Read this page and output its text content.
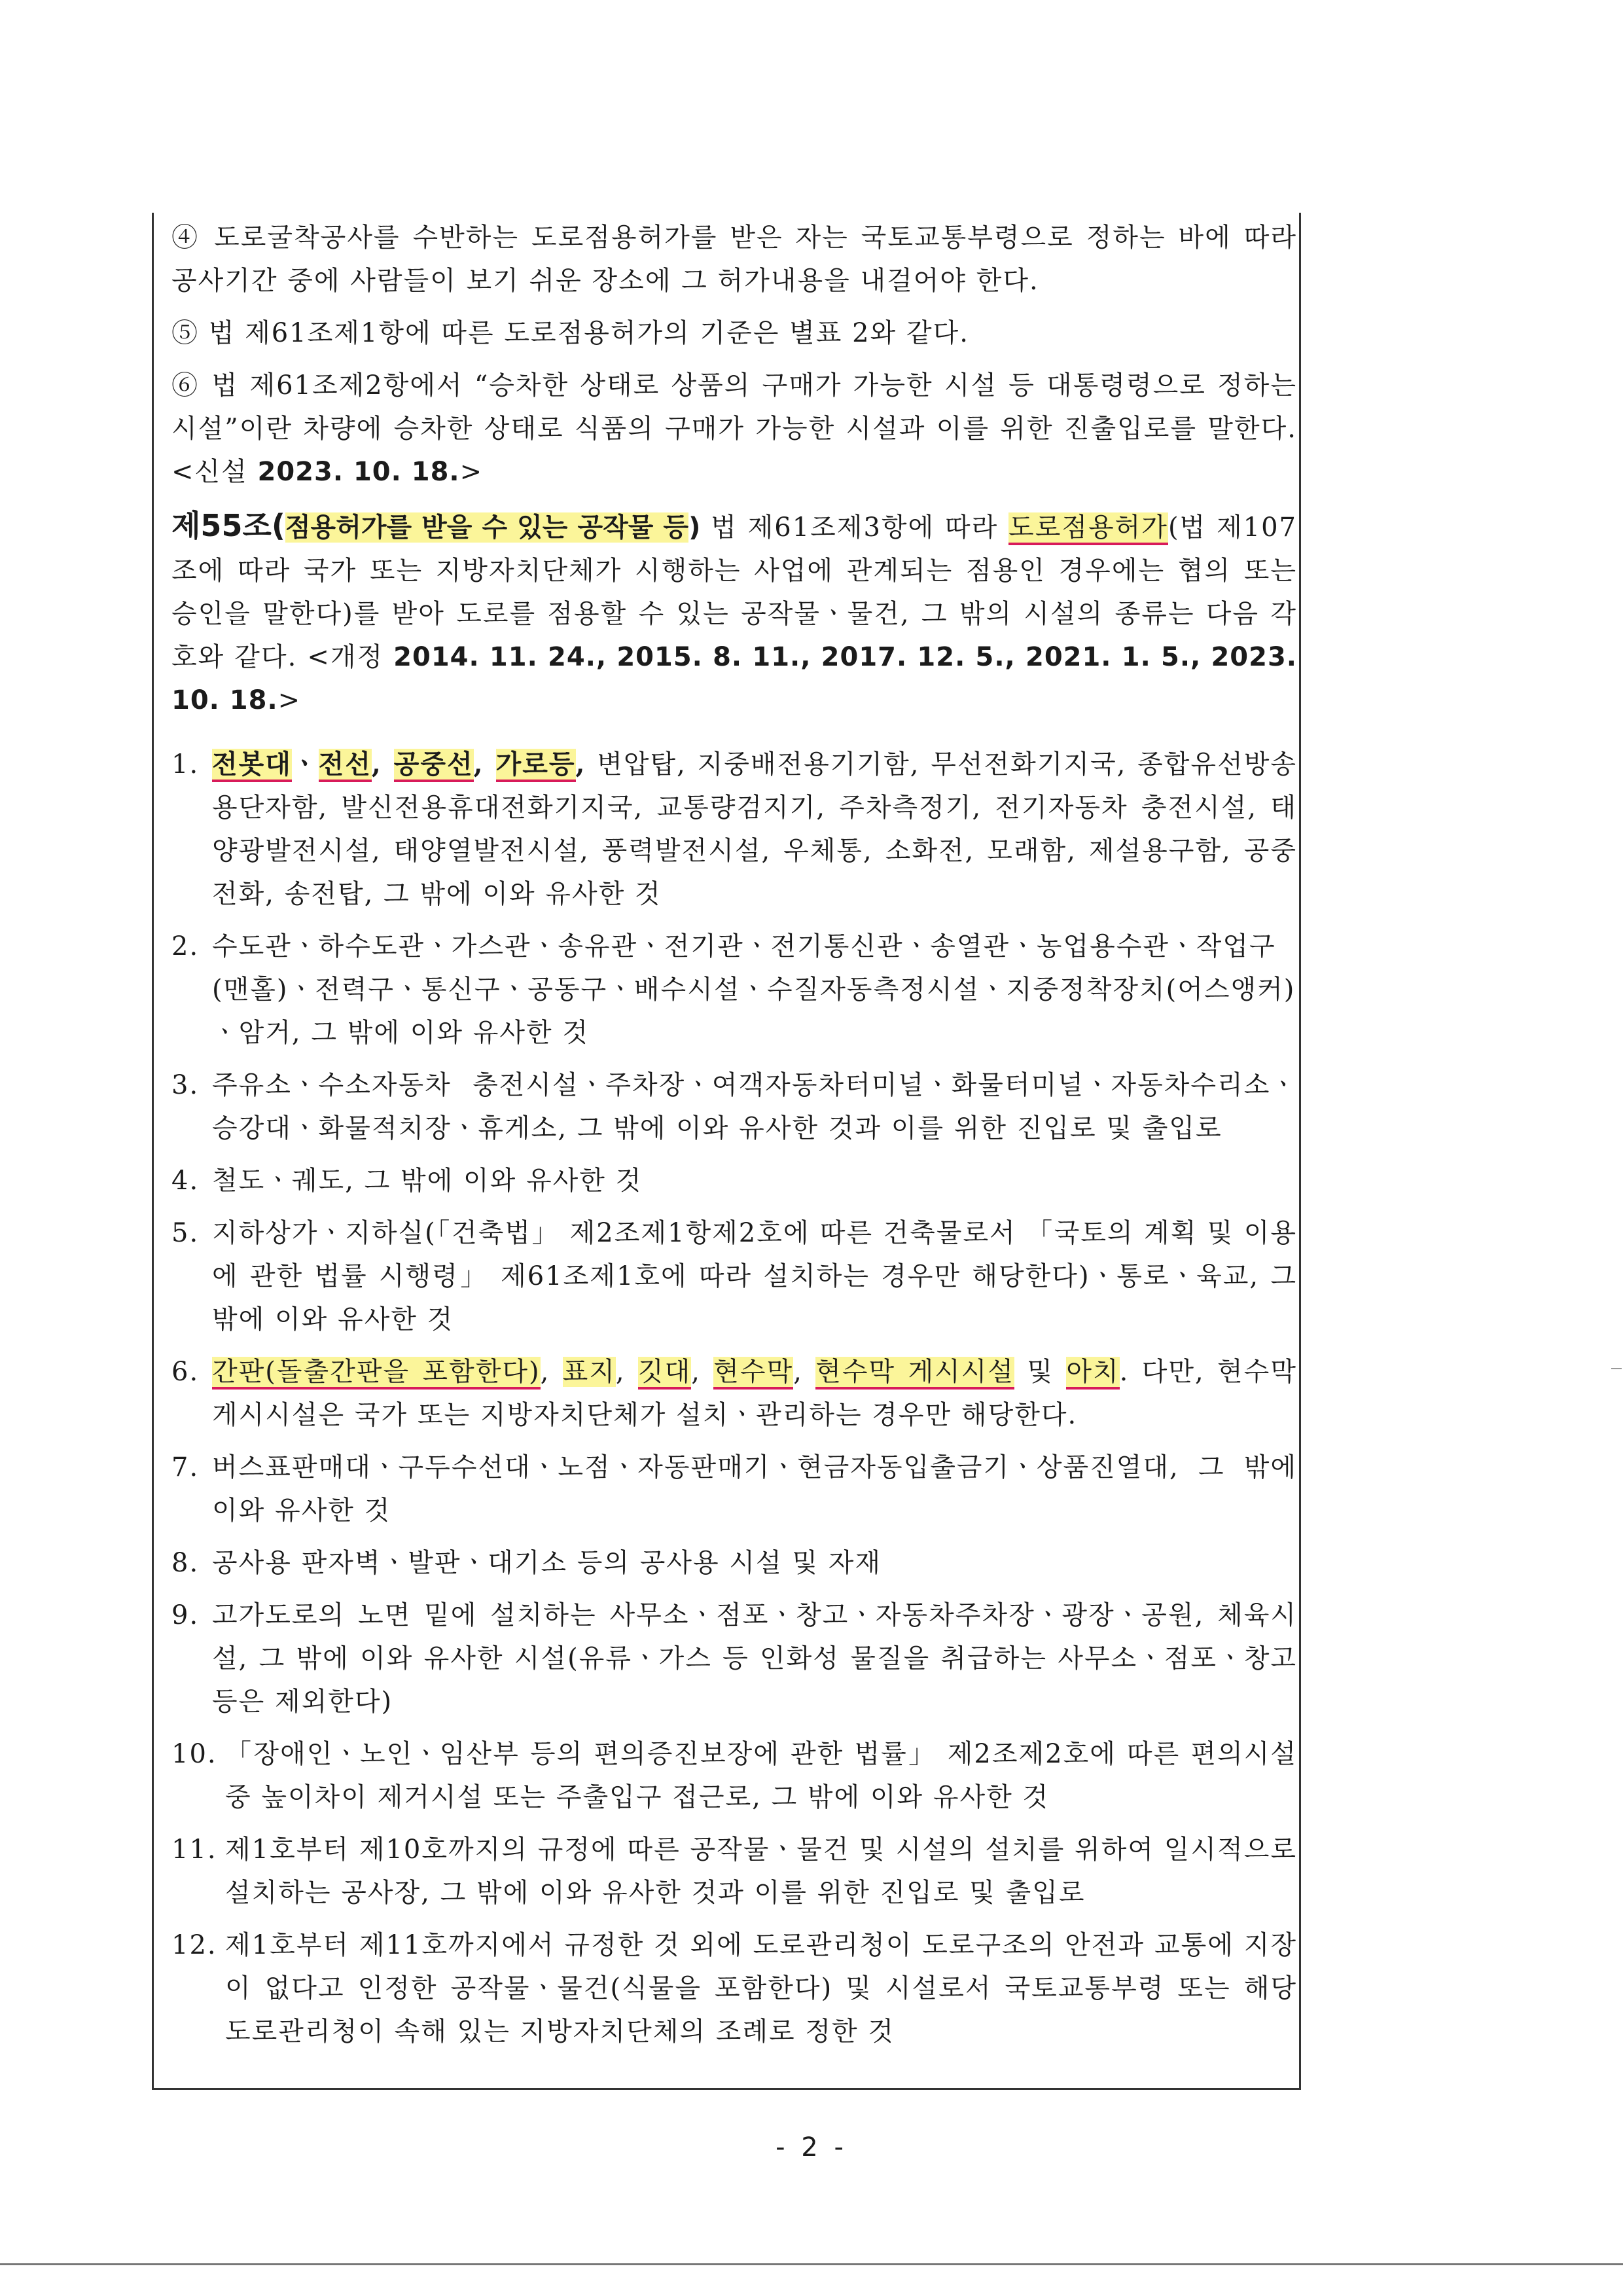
④ 도로굴착공사를 수반하는 도로점용허가를 받은 자는 국토교통부령으로 정하는 바에 따라 공사기간 중에 사람들이 보기 쉬운 장소에 그 허가내용을 내걸어야 한다.

⑤ 법 제61조제1항에 따른 도로점용허가의 기준은 별표 2와 같다.

⑥ 법 제61조제2항에서 “승차한 상태로 상품의 구매가 가능한 시설 등 대통령령으로 정하는 시설”이란 차량에 승차한 상태로 식품의 구매가 가능한 시설과 이를 위한 진출입로를 말한다. <신설 2023. 10. 18.>

제55조(점용허가를 받을 수 있는 공작물 등) 법 제61조제3항에 따라 도로점용허가(법 제107조에 따라 국가 또는 지방자치단체가 시행하는 사업에 관계되는 점용인 경우에는 협의 또는 승인을 말한다)를 받아 도로를 점용할 수 있는 공작물ㆍ물건, 그 밖의 시설의 종류는 다음 각 호와 같다. <개정 2014. 11. 24., 2015. 8. 11., 2017. 12. 5., 2021. 1. 5., 2023. 10. 18.>
1. 전봇대ㆍ전선, 공중선, 가로등, 변압탑, 지중배전용기기함, 무선전화기지국, 종합유선방송용단자함, 발신전용휴대전화기지국, 교통량검지기, 주차측정기, 전기자동차 충전시설, 태양광발전시설, 태양열발전시설, 풍력발전시설, 우체통, 소화전, 모래함, 제설용구함, 공중전화, 송전탑, 그 밖에 이와 유사한 것
2. 수도관ㆍ하수도관ㆍ가스관ㆍ송유관ㆍ전기관ㆍ전기통신관ㆍ송열관ㆍ농업용수관ㆍ작업구(맨홀)ㆍ전력구ㆍ통신구ㆍ공동구ㆍ배수시설ㆍ수질자동측정시설ㆍ지중정착장치(어스앵커)ㆍ암거, 그 밖에 이와 유사한 것
3. 주유소ㆍ수소자동차 충전시설ㆍ주차장ㆍ여객자동차터미널ㆍ화물터미널ㆍ자동차수리소ㆍ승강대ㆍ화물적치장ㆍ휴게소, 그 밖에 이와 유사한 것과 이를 위한 진입로 및 출입로
4. 철도ㆍ궤도, 그 밖에 이와 유사한 것
5. 지하상가ㆍ지하실(「건축법」 제2조제1항제2호에 따른 건축물로서 「국토의 계획 및 이용에 관한 법률 시행령」 제61조제1호에 따라 설치하는 경우만 해당한다)ㆍ통로ㆍ육교, 그 밖에 이와 유사한 것
6. 간판(돌출간판을 포함한다), 표지, 깃대, 현수막, 현수막 게시시설 및 아치. 다만, 현수막 게시시설은 국가 또는 지방자치단체가 설치ㆍ관리하는 경우만 해당한다.
7. 버스표판매대ㆍ구두수선대ㆍ노점ㆍ자동판매기ㆍ현금자동입출금기ㆍ상품진열대, 그 밖에 이와 유사한 것
8. 공사용 판자벽ㆍ발판ㆍ대기소 등의 공사용 시설 및 자재
9. 고가도로의 노면 밑에 설치하는 사무소ㆍ점포ㆍ창고ㆍ자동차주차장ㆍ광장ㆍ공원, 체육시설, 그 밖에 이와 유사한 시설(유류ㆍ가스 등 인화성 물질을 취급하는 사무소ㆍ점포ㆍ창고 등은 제외한다)
10. 「장애인ㆍ노인ㆍ임산부 등의 편의증진보장에 관한 법률」 제2조제2호에 따른 편의시설 중 높이차이 제거시설 또는 주출입구 접근로, 그 밖에 이와 유사한 것
11. 제1호부터 제10호까지의 규정에 따른 공작물ㆍ물건 및 시설의 설치를 위하여 일시적으로 설치하는 공사장, 그 밖에 이와 유사한 것과 이를 위한 진입로 및 출입로
12. 제1호부터 제11호까지에서 규정한 것 외에 도로관리청이 도로구조의 안전과 교통에 지장이 없다고 인정한 공작물ㆍ물건(식물을 포함한다) 및 시설로서 국토교통부령 또는 해당 도로관리청이 속해 있는 지방자치단체의 조례로 정한 것
- 2 -
